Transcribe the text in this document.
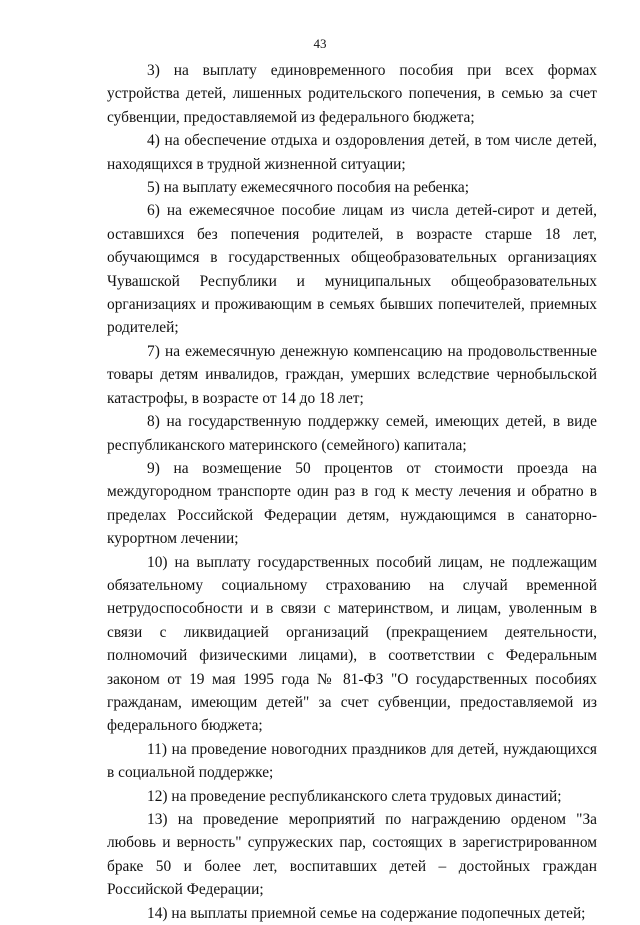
43

3) на выплату единовременного пособия при всех формах устройства детей, лишенных родительского попечения, в семью за счет субвенции, предоставляемой из федерального бюджета;

4) на обеспечение отдыха и оздоровления детей, в том числе детей, находящихся в трудной жизненной ситуации;

5) на выплату ежемесячного пособия на ребенка;

6) на ежемесячное пособие лицам из числа детей-сирот и детей, оставшихся без попечения родителей, в возрасте старше 18 лет, обучающимся в государственных общеобразовательных организациях Чувашской Республики и муниципальных общеобразовательных организациях и проживающим в семьях бывших попечителей, приемных родителей;

7) на ежемесячную денежную компенсацию на продовольственные товары детям инвалидов, граждан, умерших вследствие чернобыльской катастрофы, в возрасте от 14 до 18 лет;

8) на государственную поддержку семей, имеющих детей, в виде республиканского материнского (семейного) капитала;

9) на возмещение 50 процентов от стоимости проезда на междугородном транспорте один раз в год к месту лечения и обратно в пределах Российской Федерации детям, нуждающимся в санаторно-курортном лечении;

10) на выплату государственных пособий лицам, не подлежащим обязательному социальному страхованию на случай временной нетрудоспособности и в связи с материнством, и лицам, уволенным в связи с ликвидацией организаций (прекращением деятельности, полномочий физическими лицами), в соответствии с Федеральным законом от 19 мая 1995 года № 81-ФЗ "О государственных пособиях гражданам, имеющим детей" за счет субвенции, предоставляемой из федерального бюджета;

11) на проведение новогодних праздников для детей, нуждающихся в социальной поддержке;

12) на проведение республиканского слета трудовых династий;

13) на проведение мероприятий по награждению орденом "За любовь и верность" супружеских пар, состоящих в зарегистрированном браке 50 и более лет, воспитавших детей – достойных граждан Российской Федерации;

14) на выплаты приемной семье на содержание подопечных детей;
